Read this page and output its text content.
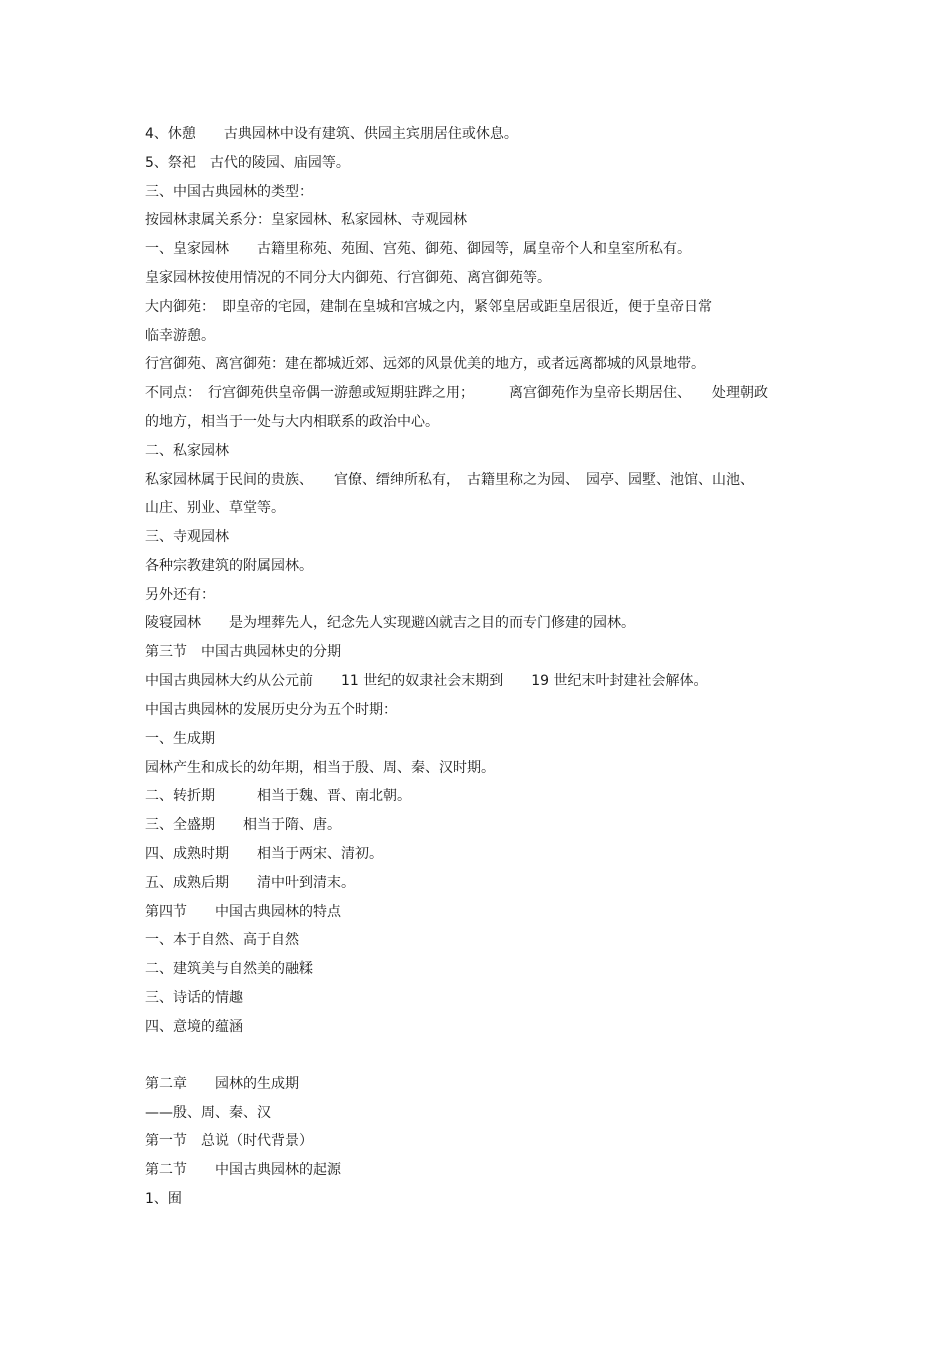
4、休憩　　古典园林中设有建筑、供园主宾朋居住或休息。

5、祭祀　古代的陵园、庙园等。

三、中国古典园林的类型：

按园林隶属关系分：皇家园林、私家园林、寺观园林

一、皇家园林　　古籍里称苑、苑囿、宫苑、御苑、御园等，属皇帝个人和皇室所私有。

皇家园林按使用情况的不同分大内御苑、行宫御苑、离宫御苑等。

大内御苑：　即皇帝的宅园，建制在皇城和宫城之内，紧邻皇居或距皇居很近，便于皇帝日常

临幸游憩。

行宫御苑、离宫御苑：建在都城近郊、远郊的风景优美的地方，或者远离都城的风景地带。

不同点：　行宫御苑供皇帝偶一游憩或短期驻跸之用；　　　离宫御苑作为皇帝长期居住、　　处理朝政

的地方，相当于一处与大内相联系的政治中心。

二、私家园林

私家园林属于民间的贵族、　　官僚、缙绅所私有，　古籍里称之为园、　园亭、园墅、池馆、山池、

山庄、别业、草堂等。

三、寺观园林

各种宗教建筑的附属园林。

另外还有：

陵寝园林　　是为埋葬先人，纪念先人实现避凶就吉之目的而专门修建的园林。

第三节　中国古典园林史的分期

中国古典园林大约从公元前　　11 世纪的奴隶社会末期到　　19 世纪末叶封建社会解体。

中国古典园林的发展历史分为五个时期：

一、生成期

园林产生和成长的幼年期，相当于殷、周、秦、汉时期。

二、转折期　　　相当于魏、晋、南北朝。

三、全盛期　　相当于隋、唐。

四、成熟时期　　相当于两宋、清初。

五、成熟后期　　清中叶到清末。

第四节　　中国古典园林的特点

一、本于自然、高于自然

二、建筑美与自然美的融糅

三、诗话的情趣

四、意境的蕴涵

第二章　　园林的生成期

——殷、周、秦、汉

第一节　总说（时代背景）

第二节　　中国古典园林的起源

1、囿
